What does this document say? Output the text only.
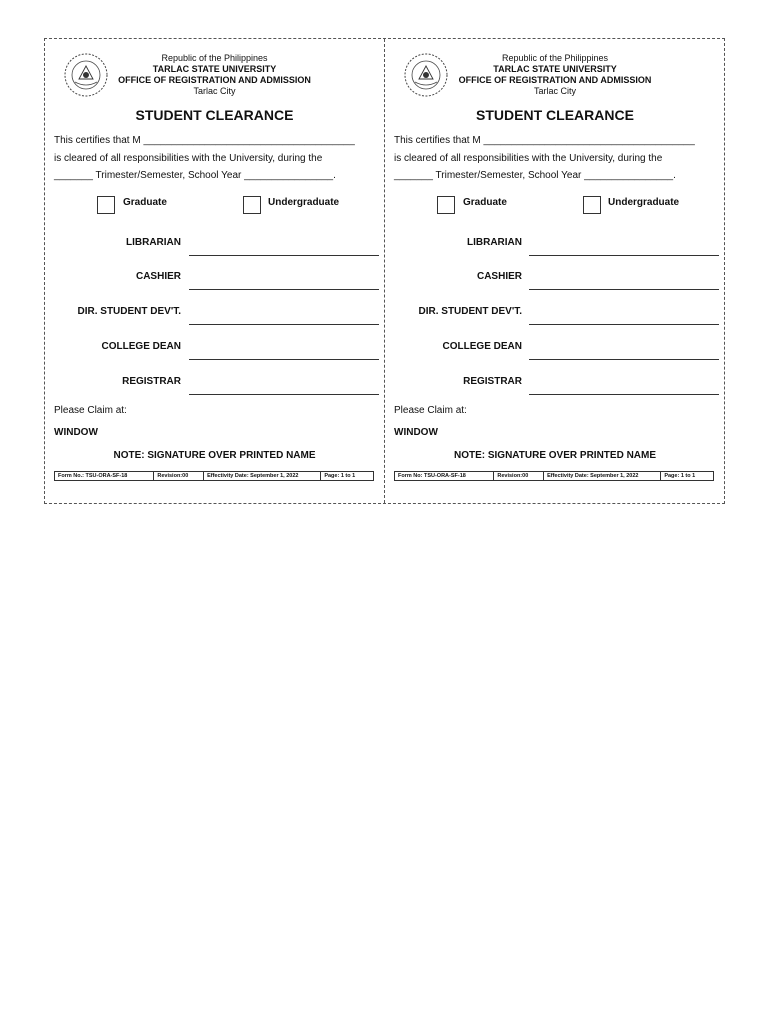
Republic of the Philippines
TARLAC STATE UNIVERSITY
OFFICE OF REGISTRATION AND ADMISSION
Tarlac City
STUDENT CLEARANCE
This certifies that M ______________________________________
is cleared of all responsibilities with the University, during the
_______ Trimester/Semester, School Year ________________.
Graduate	Undergraduate
LIBRARIAN
CASHIER
DIR. STUDENT DEV'T.
COLLEGE DEAN
REGISTRAR
Please Claim at:
WINDOW
NOTE: SIGNATURE OVER PRINTED NAME
Form No.: TSU-ORA-SF-18	Revision:00	Effectivity Date: September 1, 2022	Page: 1 to 1
Republic of the Philippines
TARLAC STATE UNIVERSITY
OFFICE OF REGISTRATION AND ADMISSION
Tarlac City
STUDENT CLEARANCE
This certifies that M ______________________________________
is cleared of all responsibilities with the University, during the
_______ Trimester/Semester, School Year ________________.
Graduate	Undergraduate
LIBRARIAN
CASHIER
DIR. STUDENT DEV'T.
COLLEGE DEAN
REGISTRAR
Please Claim at:
WINDOW
NOTE: SIGNATURE OVER PRINTED NAME
Form No: TSU-ORA-SF-18	Revision:00	Effectivity Date: September 1, 2022	Page: 1 to 1
